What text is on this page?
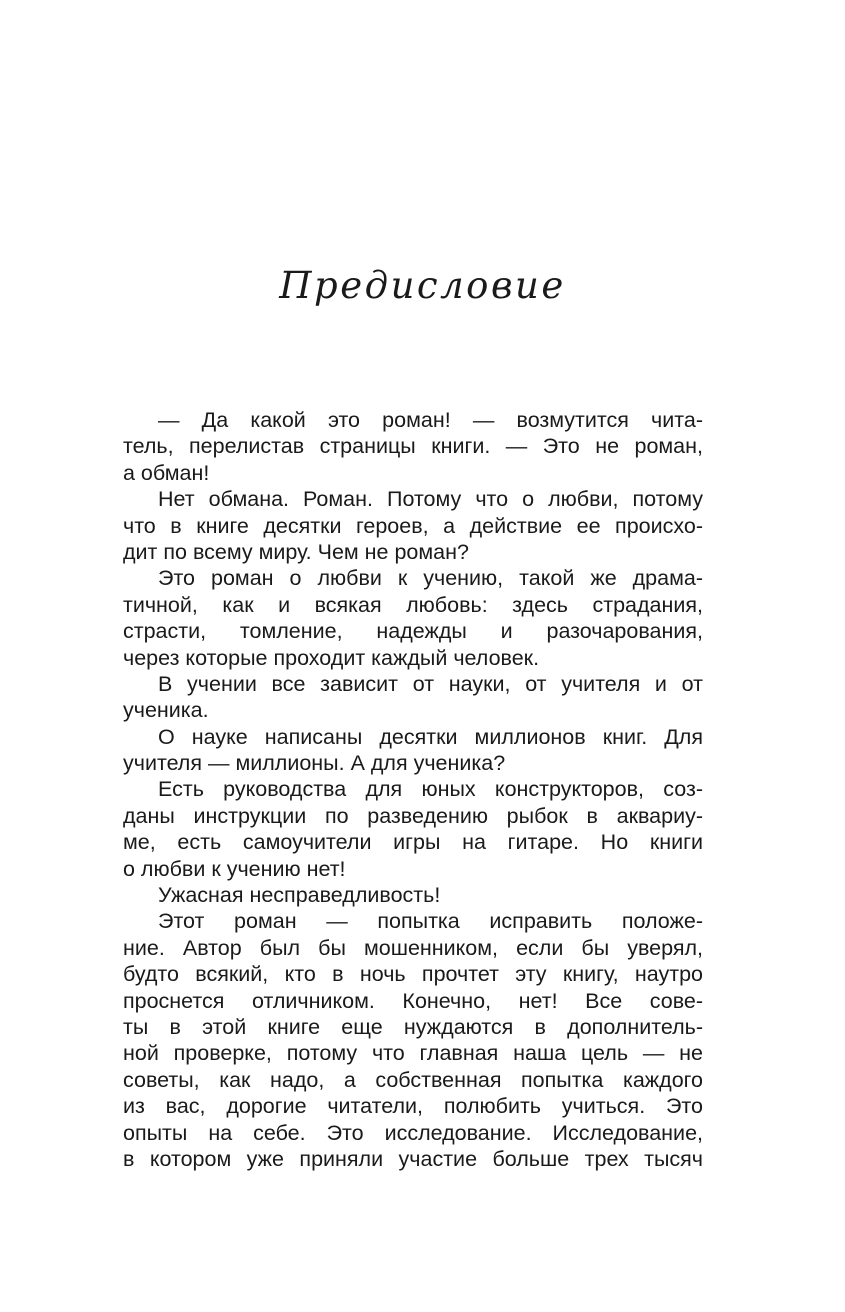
Предисловие
— Да какой это роман! — возмутится чита-
тель, перелистав страницы книги. — Это не роман,
а обман!
Нет обмана. Роман. Потому что о любви, потому
что в книге десятки героев, а действие ее происхо-
дит по всему миру. Чем не роман?
Это роман о любви к учению, такой же драма-
тичной, как и всякая любовь: здесь страдания,
страсти, томление, надежды и разочарования,
через которые проходит каждый человек.
В учении все зависит от науки, от учителя и от
ученика.
О науке написаны десятки миллионов книг. Для
учителя — миллионы. А для ученика?
Есть руководства для юных конструкторов, соз-
даны инструкции по разведению рыбок в аквариу-
ме, есть самоучители игры на гитаре. Но книги
о любви к учению нет!
Ужасная несправедливость!
Этот роман — попытка исправить положе-
ние. Автор был бы мошенником, если бы уверял,
будто всякий, кто в ночь прочтет эту книгу, наутро
проснется отличником. Конечно, нет! Все сове-
ты в этой книге еще нуждаются в дополнитель-
ной проверке, потому что главная наша цель — не
советы, как надо, а собственная попытка каждого
из вас, дорогие читатели, полюбить учиться. Это
опыты на себе. Это исследование. Исследование,
в котором уже приняли участие больше трех тысяч
